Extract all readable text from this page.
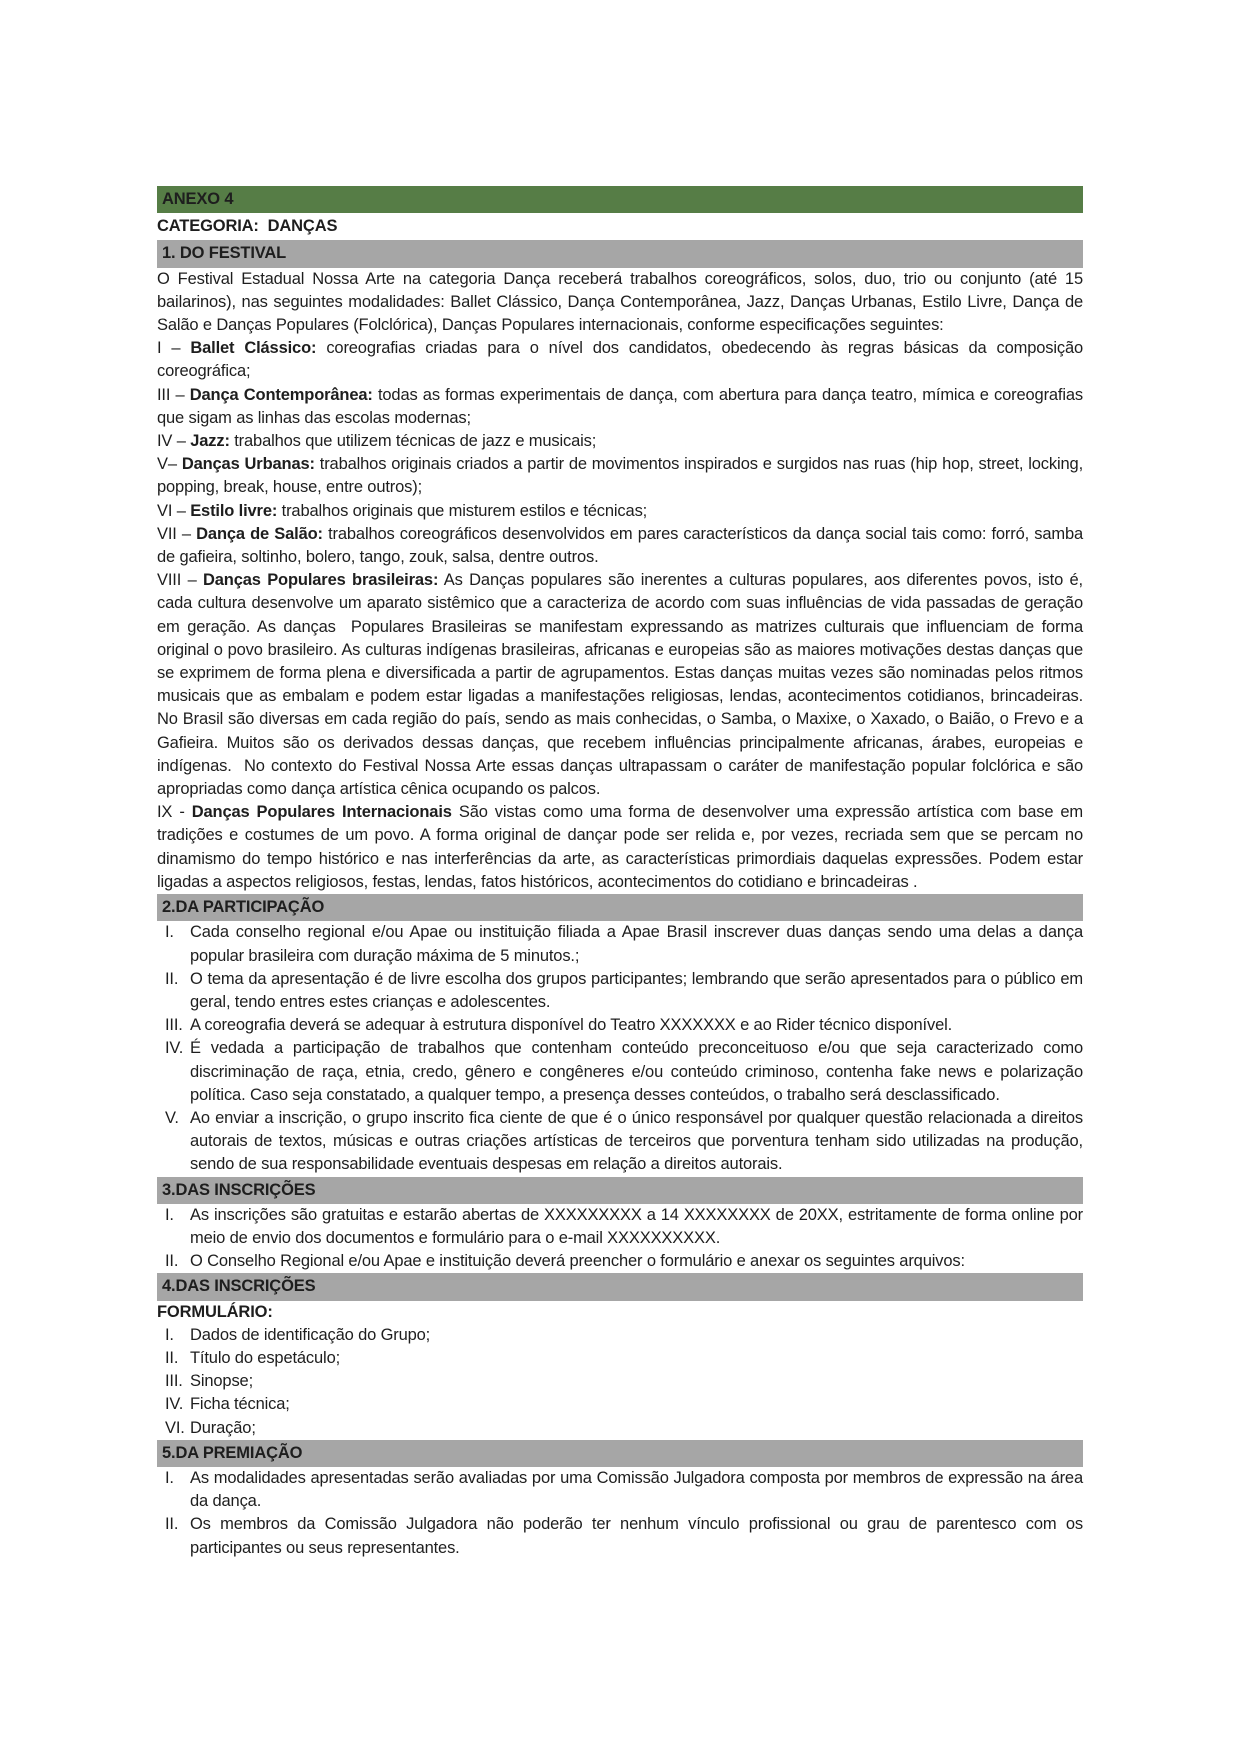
ANEXO 4
CATEGORIA:  DANÇAS
1. DO FESTIVAL

O Festival Estadual Nossa Arte na categoria Dança receberá trabalhos coreográficos, solos, duo, trio ou conjunto (até 15 bailarinos), nas seguintes modalidades: Ballet Clássico, Dança Contemporânea, Jazz, Danças Urbanas, Estilo Livre, Dança de Salão e Danças Populares (Folclórica), Danças Populares internacionais, conforme especificações seguintes:

I – Ballet Clássico: coreografias criadas para o nível dos candidatos, obedecendo às regras básicas da composição coreográfica;

III – Dança Contemporânea: todas as formas experimentais de dança, com abertura para dança teatro, mímica e coreografias que sigam as linhas das escolas modernas;

IV – Jazz: trabalhos que utilizem técnicas de jazz e musicais;

V– Danças Urbanas: trabalhos originais criados a partir de movimentos inspirados e surgidos nas ruas (hip hop, street, locking, popping, break, house, entre outros);

VI – Estilo livre: trabalhos originais que misturem estilos e técnicas;

VII – Dança de Salão: trabalhos coreográficos desenvolvidos em pares característicos da dança social tais como: forró, samba de gafieira, soltinho, bolero, tango, zouk, salsa, dentre outros.

VIII – Danças Populares brasileiras: As Danças populares são inerentes a culturas populares, aos diferentes povos, isto é, cada cultura desenvolve um aparato sistêmico que a caracteriza de acordo com suas influências de vida passadas de geração em geração. As danças  Populares Brasileiras se manifestam expressando as matrizes culturais que influenciam de forma original o povo brasileiro. As culturas indígenas brasileiras, africanas e europeias são as maiores motivações destas danças que se exprimem de forma plena e diversificada a partir de agrupamentos. Estas danças muitas vezes são nominadas pelos ritmos musicais que as embalam e podem estar ligadas a manifestações religiosas, lendas, acontecimentos cotidianos, brincadeiras. No Brasil são diversas em cada região do país, sendo as mais conhecidas, o Samba, o Maxixe, o Xaxado, o Baião, o Frevo e a Gafieira. Muitos são os derivados dessas danças, que recebem influências principalmente africanas, árabes, europeias e indígenas.  No contexto do Festival Nossa Arte essas danças ultrapassam o caráter de manifestação popular folclórica e são apropriadas como dança artística cênica ocupando os palcos.

IX - Danças Populares Internacionais São vistas como uma forma de desenvolver uma expressão artística com base em tradições e costumes de um povo. A forma original de dançar pode ser relida e, por vezes, recriada sem que se percam no dinamismo do tempo histórico e nas interferências da arte, as características primordiais daquelas expressões. Podem estar ligadas a aspectos religiosos, festas, lendas, fatos históricos, acontecimentos do cotidiano e brincadeiras .

2.DA PARTICIPAÇÃO
I. Cada conselho regional e/ou Apae ou instituição filiada a Apae Brasil inscrever duas danças sendo uma delas a dança popular brasileira com duração máxima de 5 minutos.;
II. O tema da apresentação é de livre escolha dos grupos participantes; lembrando que serão apresentados para o público em geral, tendo entres estes crianças e adolescentes.
III. A coreografia deverá se adequar à estrutura disponível do Teatro XXXXXXX e ao Rider técnico disponível.
IV. É vedada a participação de trabalhos que contenham conteúdo preconceituoso e/ou que seja caracterizado como discriminação de raça, etnia, credo, gênero e congêneres e/ou conteúdo criminoso, contenha fake news e polarização política. Caso seja constatado, a qualquer tempo, a presença desses conteúdos, o trabalho será desclassificado.
V. Ao enviar a inscrição, o grupo inscrito fica ciente de que é o único responsável por qualquer questão relacionada a direitos autorais de textos, músicas e outras criações artísticas de terceiros que porventura tenham sido utilizadas na produção, sendo de sua responsabilidade eventuais despesas em relação a direitos autorais.
3.DAS INSCRIÇÕES
I. As inscrições são gratuitas e estarão abertas de XXXXXXXXX a 14 XXXXXXXX de 20XX, estritamente de forma online por meio de envio dos documentos e formulário para o e-mail XXXXXXXXXX.
II. O Conselho Regional e/ou Apae e instituição deverá preencher o formulário e anexar os seguintes arquivos:
4.DAS INSCRIÇÕES
FORMULÁRIO:
I. Dados de identificação do Grupo;
II. Título do espetáculo;
III. Sinopse;
IV. Ficha técnica;
VI. Duração;
5.DA PREMIAÇÃO
I. As modalidades apresentadas serão avaliadas por uma Comissão Julgadora composta por membros de expressão na área da dança.
II. Os membros da Comissão Julgadora não poderão ter nenhum vínculo profissional ou grau de parentesco com os participantes ou seus representantes.
